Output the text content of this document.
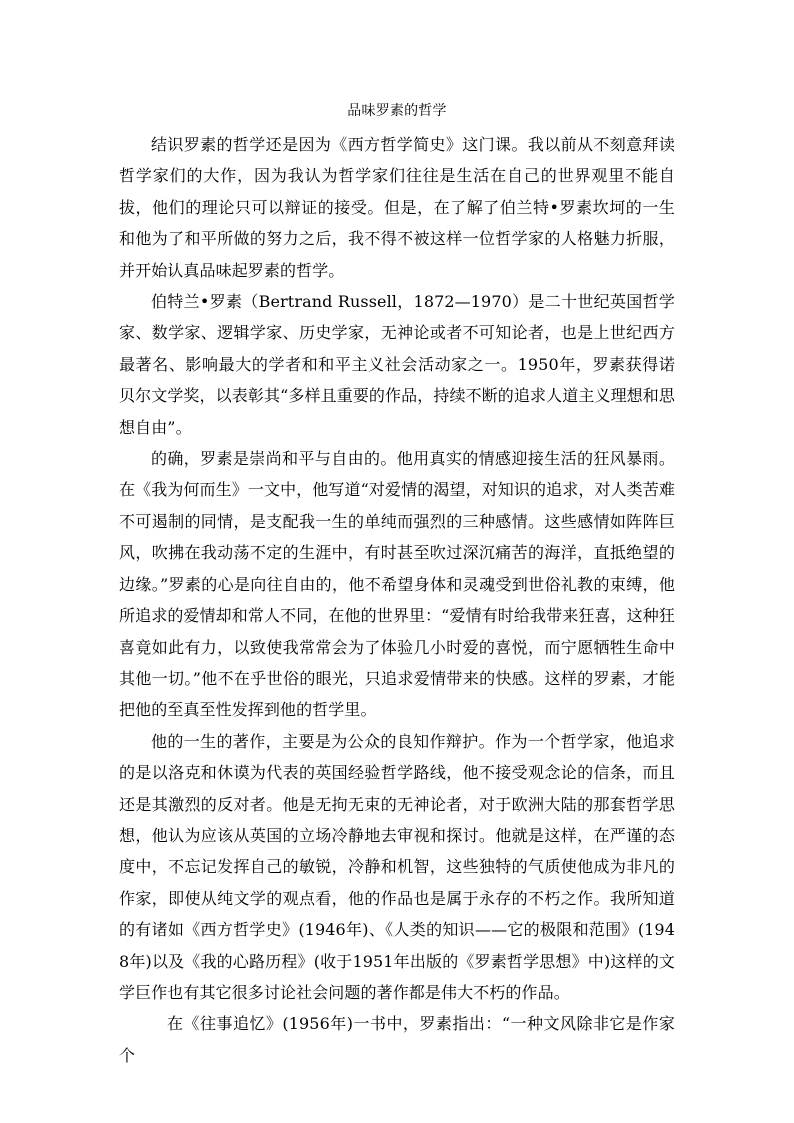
品味罗素的哲学

结识罗素的哲学还是因为《西方哲学简史》这门课。我以前从不刻意拜读哲学家们的大作，因为我认为哲学家们往往是生活在自己的世界观里不能自拔，他们的理论只可以辩证的接受。但是，在了解了伯兰特•罗素坎坷的一生和他为了和平所做的努力之后，我不得不被这样一位哲学家的人格魅力折服，并开始认真品味起罗素的哲学。

伯特兰•罗素（Bertrand Russell，1872—1970）是二十世纪英国哲学家、数学家、逻辑学家、历史学家，无神论或者不可知论者，也是上世纪西方最著名、影响最大的学者和和平主义社会活动家之一。1950年，罗素获得诺贝尔文学奖，以表彰其“多样且重要的作品，持续不断的追求人道主义理想和思想自由”。

的确，罗素是崇尚和平与自由的。他用真实的情感迎接生活的狂风暴雨。在《我为何而生》一文中，他写道“对爱情的渴望，对知识的追求，对人类苦难不可遏制的同情，是支配我一生的单纯而强烈的三种感情。这些感情如阵阵巨风，吹拂在我动荡不定的生涯中，有时甚至吹过深沉痛苦的海洋，直抵绝望的边缘。”罗素的心是向往自由的，他不希望身体和灵魂受到世俗礼教的束缚，他所追求的爱情却和常人不同，在他的世界里：“爱情有时给我带来狂喜，这种狂喜竟如此有力，以致使我常常会为了体验几小时爱的喜悦，而宁愿牺牲生命中其他一切。”他不在乎世俗的眼光，只追求爱情带来的快感。这样的罗素，才能把他的至真至性发挥到他的哲学里。

他的一生的著作，主要是为公众的良知作辩护。作为一个哲学家，他追求的是以洛克和休谟为代表的英国经验哲学路线，他不接受观念论的信条，而且还是其激烈的反对者。他是无拘无束的无神论者，对于欧洲大陆的那套哲学思想，他认为应该从英国的立场冷静地去审视和探讨。他就是这样，在严谨的态度中，不忘记发挥自己的敏锐，冷静和机智，这些独特的气质使他成为非凡的作家，即使从纯文学的观点看，他的作品也是属于永存的不朽之作。我所知道的有诸如《西方哲学史》(1946年)、《人类的知识——它的极限和范围》(1948年)以及《我的心路历程》(收于1951年出版的《罗素哲学思想》中)这样的文学巨作也有其它很多讨论社会问题的著作都是伟大不朽的作品。

在《往事追忆》(1956年)一书中，罗素指出：“一种文风除非它是作家个
